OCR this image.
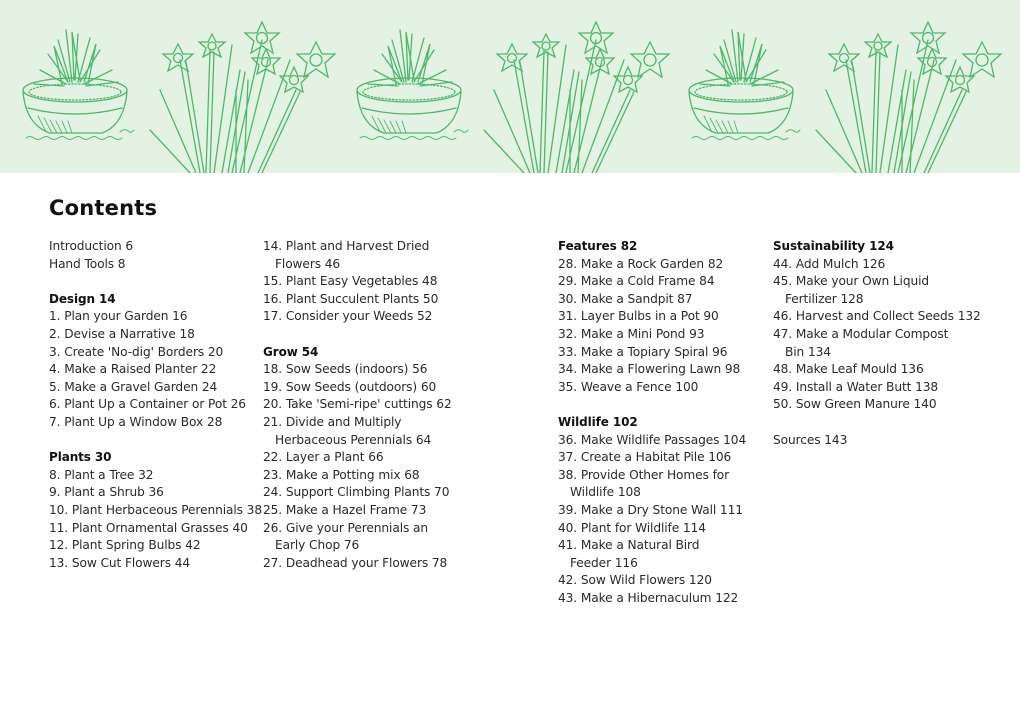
Contents
Introduction 6
Hand Tools 8
Design 14
1. Plan your Garden 16
2. Devise a Narrative 18
3. Create 'No-dig' Borders 20
4. Make a Raised Planter 22
5. Make a Gravel Garden 24
6. Plant Up a Container or Pot 26
7. Plant Up a Window Box 28
Plants 30
8. Plant a Tree 32
9. Plant a Shrub 36
10. Plant Herbaceous Perennials 38
11. Plant Ornamental Grasses 40
12. Plant Spring Bulbs 42
13. Sow Cut Flowers 44
14. Plant and Harvest Dried
Flowers 46
15. Plant Easy Vegetables 48
16. Plant Succulent Plants 50
17. Consider your Weeds 52
Grow 54
18. Sow Seeds (indoors) 56
19. Sow Seeds (outdoors) 60
20. Take 'Semi-ripe' cuttings 62
21. Divide and Multiply
Herbaceous Perennials 64
22. Layer a Plant 66
23. Make a Potting mix 68
24. Support Climbing Plants 70
25. Make a Hazel Frame 73
26. Give your Perennials an
Early Chop 76
27. Deadhead your Flowers 78
Features 82
28. Make a Rock Garden 82
29. Make a Cold Frame 84
30. Make a Sandpit 87
31. Layer Bulbs in a Pot 90
32. Make a Mini Pond 93
33. Make a Topiary Spiral 96
34. Make a Flowering Lawn 98
35. Weave a Fence 100
Wildlife 102
36. Make Wildlife Passages 104
37. Create a Habitat Pile 106
38. Provide Other Homes for
Wildlife 108
39. Make a Dry Stone Wall 111
40. Plant for Wildlife 114
41. Make a Natural Bird
Feeder 116
42. Sow Wild Flowers 120
43. Make a Hibernaculum 122
Sustainability 124
44. Add Mulch 126
45. Make your Own Liquid
Fertilizer 128
46. Harvest and Collect Seeds 132
47. Make a Modular Compost
Bin 134
48. Make Leaf Mould 136
49. Install a Water Butt 138
50. Sow Green Manure 140
Sources 143
